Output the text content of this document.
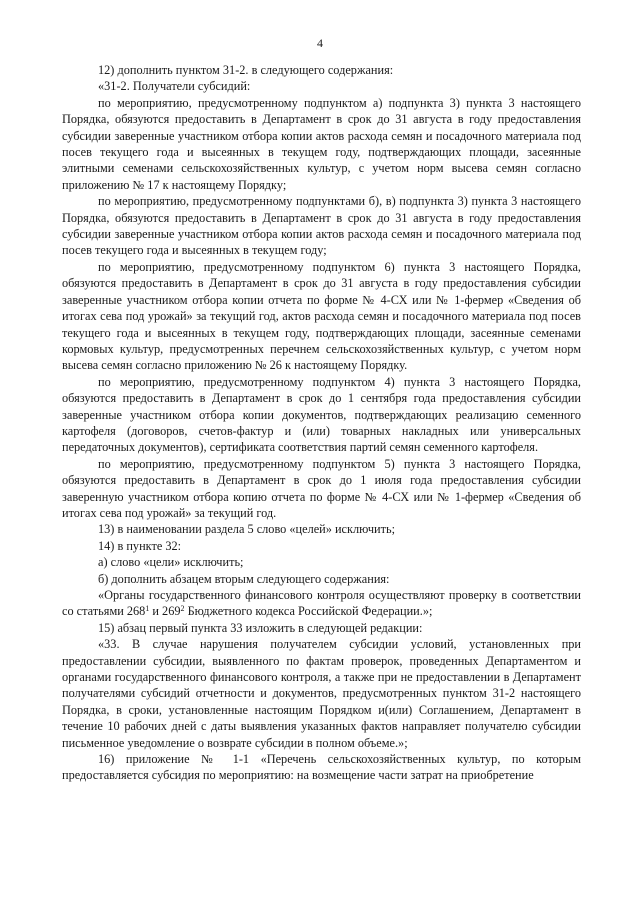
4

12) дополнить пунктом 31-2. в следующего содержания:

«31-2. Получатели субсидий:

по мероприятию, предусмотренному подпунктом а) подпункта 3) пункта 3 настоящего Порядка, обязуются предоставить в Департамент в срок до 31 августа в году предоставления субсидии заверенные участником отбора копии актов расхода семян и посадочного материала под посев текущего года и высеянных в текущем году, подтверждающих площади, засеянные элитными семенами сельскохозяйственных культур, с учетом норм высева семян согласно приложению № 17 к настоящему Порядку;

по мероприятию, предусмотренному подпунктами б), в) подпункта 3) пункта 3 настоящего Порядка, обязуются предоставить в Департамент в срок до 31 августа в году предоставления субсидии заверенные участником отбора копии актов расхода семян и посадочного материала под посев текущего года и высеянных в текущем году;

по мероприятию, предусмотренному подпунктом 6) пункта 3 настоящего Порядка, обязуются предоставить в Департамент в срок до 31 августа в году предоставления субсидии заверенные участником отбора копии отчета по форме № 4-СХ или № 1-фермер «Сведения об итогах сева под урожай» за текущий год, актов расхода семян и посадочного материала под посев текущего года и высеянных в текущем году, подтверждающих площади, засеянные семенами кормовых культур, предусмотренных перечнем сельскохозяйственных культур, с учетом норм высева семян согласно приложению № 26 к настоящему Порядку.

по мероприятию, предусмотренному подпунктом 4) пункта 3 настоящего Порядка, обязуются предоставить в Департамент в срок до 1 сентября года предоставления субсидии заверенные участником отбора копии документов, подтверждающих реализацию семенного картофеля (договоров, счетов-фактур и (или) товарных накладных или универсальных передаточных документов), сертификата соответствия партий семян семенного картофеля.

по мероприятию, предусмотренному подпунктом 5) пункта 3 настоящего Порядка, обязуются предоставить в Департамент в срок до 1 июля года предоставления субсидии заверенную участником отбора копию отчета по форме № 4-СХ или № 1-фермер «Сведения об итогах сева под урожай» за текущий год.

13) в наименовании раздела 5 слово «целей» исключить;

14) в пункте 32:

а) слово «цели» исключить;

б) дополнить абзацем вторым следующего содержания:

«Органы государственного финансового контроля осуществляют проверку в соответствии со статьями $268^1$ и $269^2$ Бюджетного кодекса Российской Федерации.»;

15) абзац первый пункта 33 изложить в следующей редакции:

«33. В случае нарушения получателем субсидии условий, установленных при предоставлении субсидии, выявленного по фактам проверок, проведенных Департаментом и органами государственного финансового контроля, а также при не предоставлении в Департамент получателями субсидий отчетности и документов, предусмотренных пунктом 31-2 настоящего Порядка, в сроки, установленные настоящим Порядком и(или) Соглашением, Департамент в течение 10 рабочих дней с даты выявления указанных фактов направляет получателю субсидии письменное уведомление о возврате субсидии в полном объеме.»;

16) приложение № 1-1 «Перечень сельскохозяйственных культур, по которым предоставляется субсидия по мероприятию: на возмещение части затрат на приобретение
